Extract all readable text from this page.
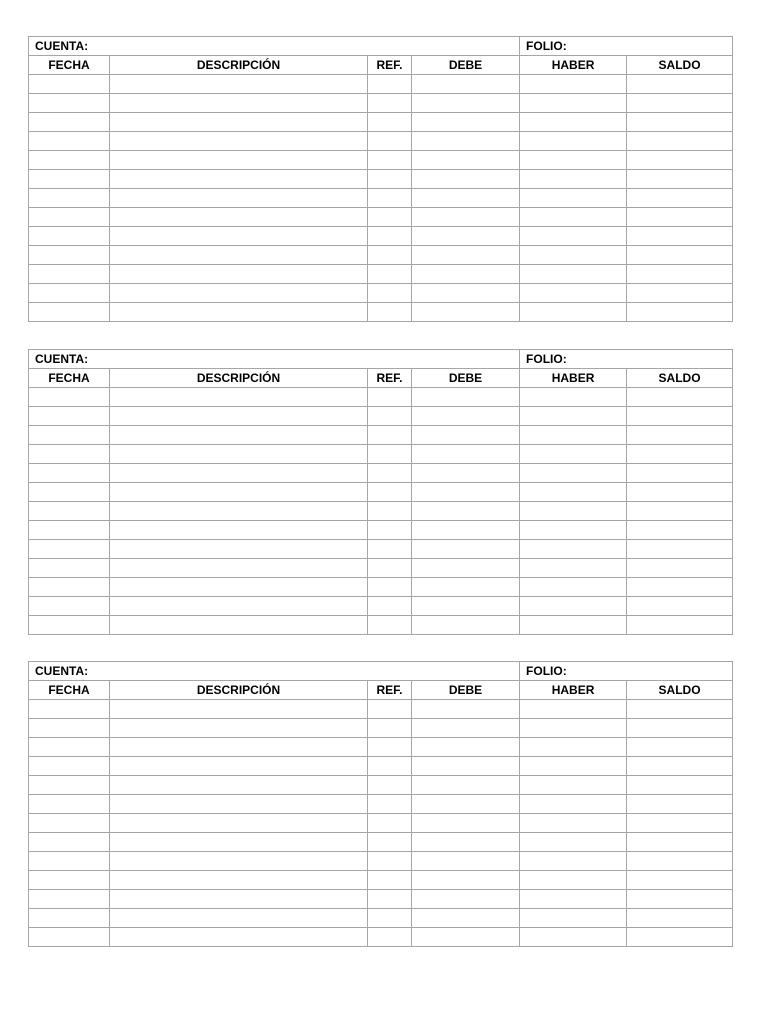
CUENTA:				FOLIO:	
FECHA	DESCRIPCIÓN	REF.	DEBE	HABER	SALDO

CUENTA:				FOLIO:	
FECHA	DESCRIPCIÓN	REF.	DEBE	HABER	SALDO

CUENTA:				FOLIO:	
FECHA	DESCRIPCIÓN	REF.	DEBE	HABER	SALDO
